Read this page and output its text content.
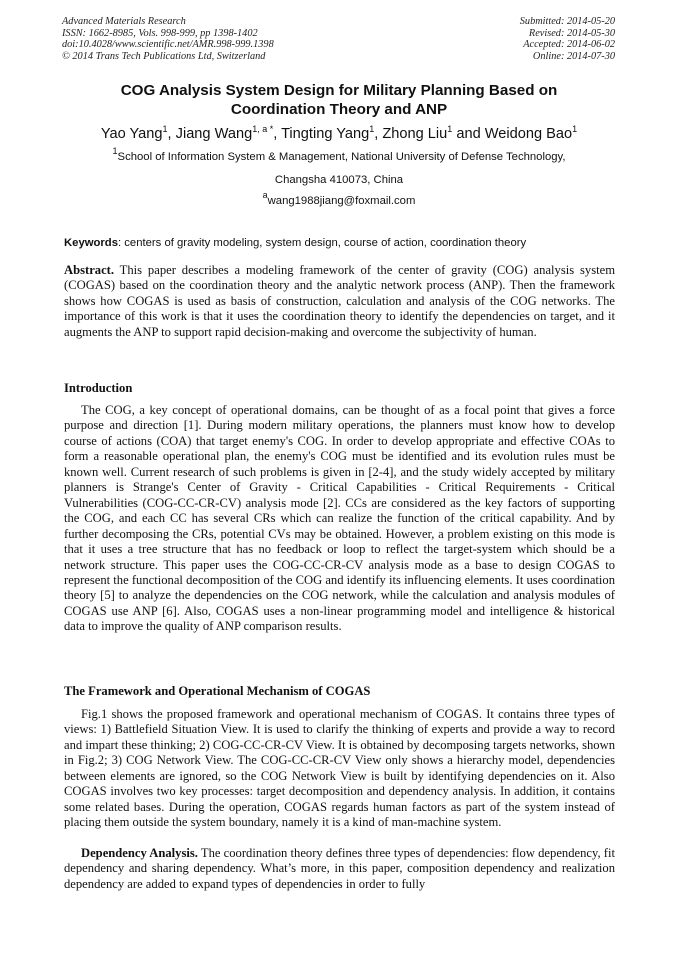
Advanced Materials Research
ISSN: 1662-8985, Vols. 998-999, pp 1398-1402
doi:10.4028/www.scientific.net/AMR.998-999.1398
© 2014 Trans Tech Publications Ltd, Switzerland
Submitted: 2014-05-20
Revised: 2014-05-30
Accepted: 2014-06-02
Online: 2014-07-30
COG Analysis System Design for Military Planning Based on
Coordination Theory and ANP
Yao Yang$^1$, Jiang Wang$^{1, a *}$, Tingting Yang$^1$, Zhong Liu$^1$ and Weidong Bao$^1$
$^1$School of Information System & Management, National University of Defense Technology,
Changsha 410073, China
$^a$wang1988jiang@foxmail.com
Keywords: centers of gravity modeling, system design, course of action, coordination theory
Abstract. This paper describes a modeling framework of the center of gravity (COG) analysis system (COGAS) based on the coordination theory and the analytic network process (ANP). Then the framework shows how COGAS is used as basis of construction, calculation and analysis of the COG networks. The importance of this work is that it uses the coordination theory to identify the dependencies on target, and it augments the ANP to support rapid decision-making and overcome the subjectivity of human.
Introduction
The COG, a key concept of operational domains, can be thought of as a focal point that gives a force purpose and direction [1]. During modern military operations, the planners must know how to develop course of actions (COA) that target enemy's COG. In order to develop appropriate and effective COAs to form a reasonable operational plan, the enemy's COG must be identified and its evolution rules must be known well. Current research of such problems is given in [2-4], and the study widely accepted by military planners is Strange's Center of Gravity - Critical Capabilities - Critical Requirements - Critical Vulnerabilities (COG-CC-CR-CV) analysis mode [2]. CCs are considered as the key factors of supporting the COG, and each CC has several CRs which can realize the function of the critical capability. And by further decomposing the CRs, potential CVs may be obtained. However, a problem existing on this mode is that it uses a tree structure that has no feedback or loop to reflect the target-system which should be a network structure. This paper uses the COG-CC-CR-CV analysis mode as a base to design COGAS to represent the functional decomposition of the COG and identify its influencing elements. It uses coordination theory [5] to analyze the dependencies on the COG network, while the calculation and analysis modules of COGAS use ANP [6]. Also, COGAS uses a non-linear programming model and intelligence & historical data to improve the quality of ANP comparison results.
The Framework and Operational Mechanism of COGAS
Fig.1 shows the proposed framework and operational mechanism of COGAS. It contains three types of views: 1) Battlefield Situation View. It is used to clarify the thinking of experts and provide a way to record and impart these thinking; 2) COG-CC-CR-CV View. It is obtained by decomposing targets networks, shown in Fig.2; 3) COG Network View. The COG-CC-CR-CV View only shows a hierarchy model, dependencies between elements are ignored, so the COG Network View is built by identifying dependencies on it. Also COGAS involves two key processes: target decomposition and dependency analysis. In addition, it contains some related bases. During the operation, COGAS regards human factors as part of the system instead of placing them outside the system boundary, namely it is a kind of man-machine system.
Dependency Analysis. The coordination theory defines three types of dependencies: flow dependency, fit dependency and sharing dependency. What’s more, in this paper, composition dependency and realization dependency are added to expand types of dependencies in order to fully
